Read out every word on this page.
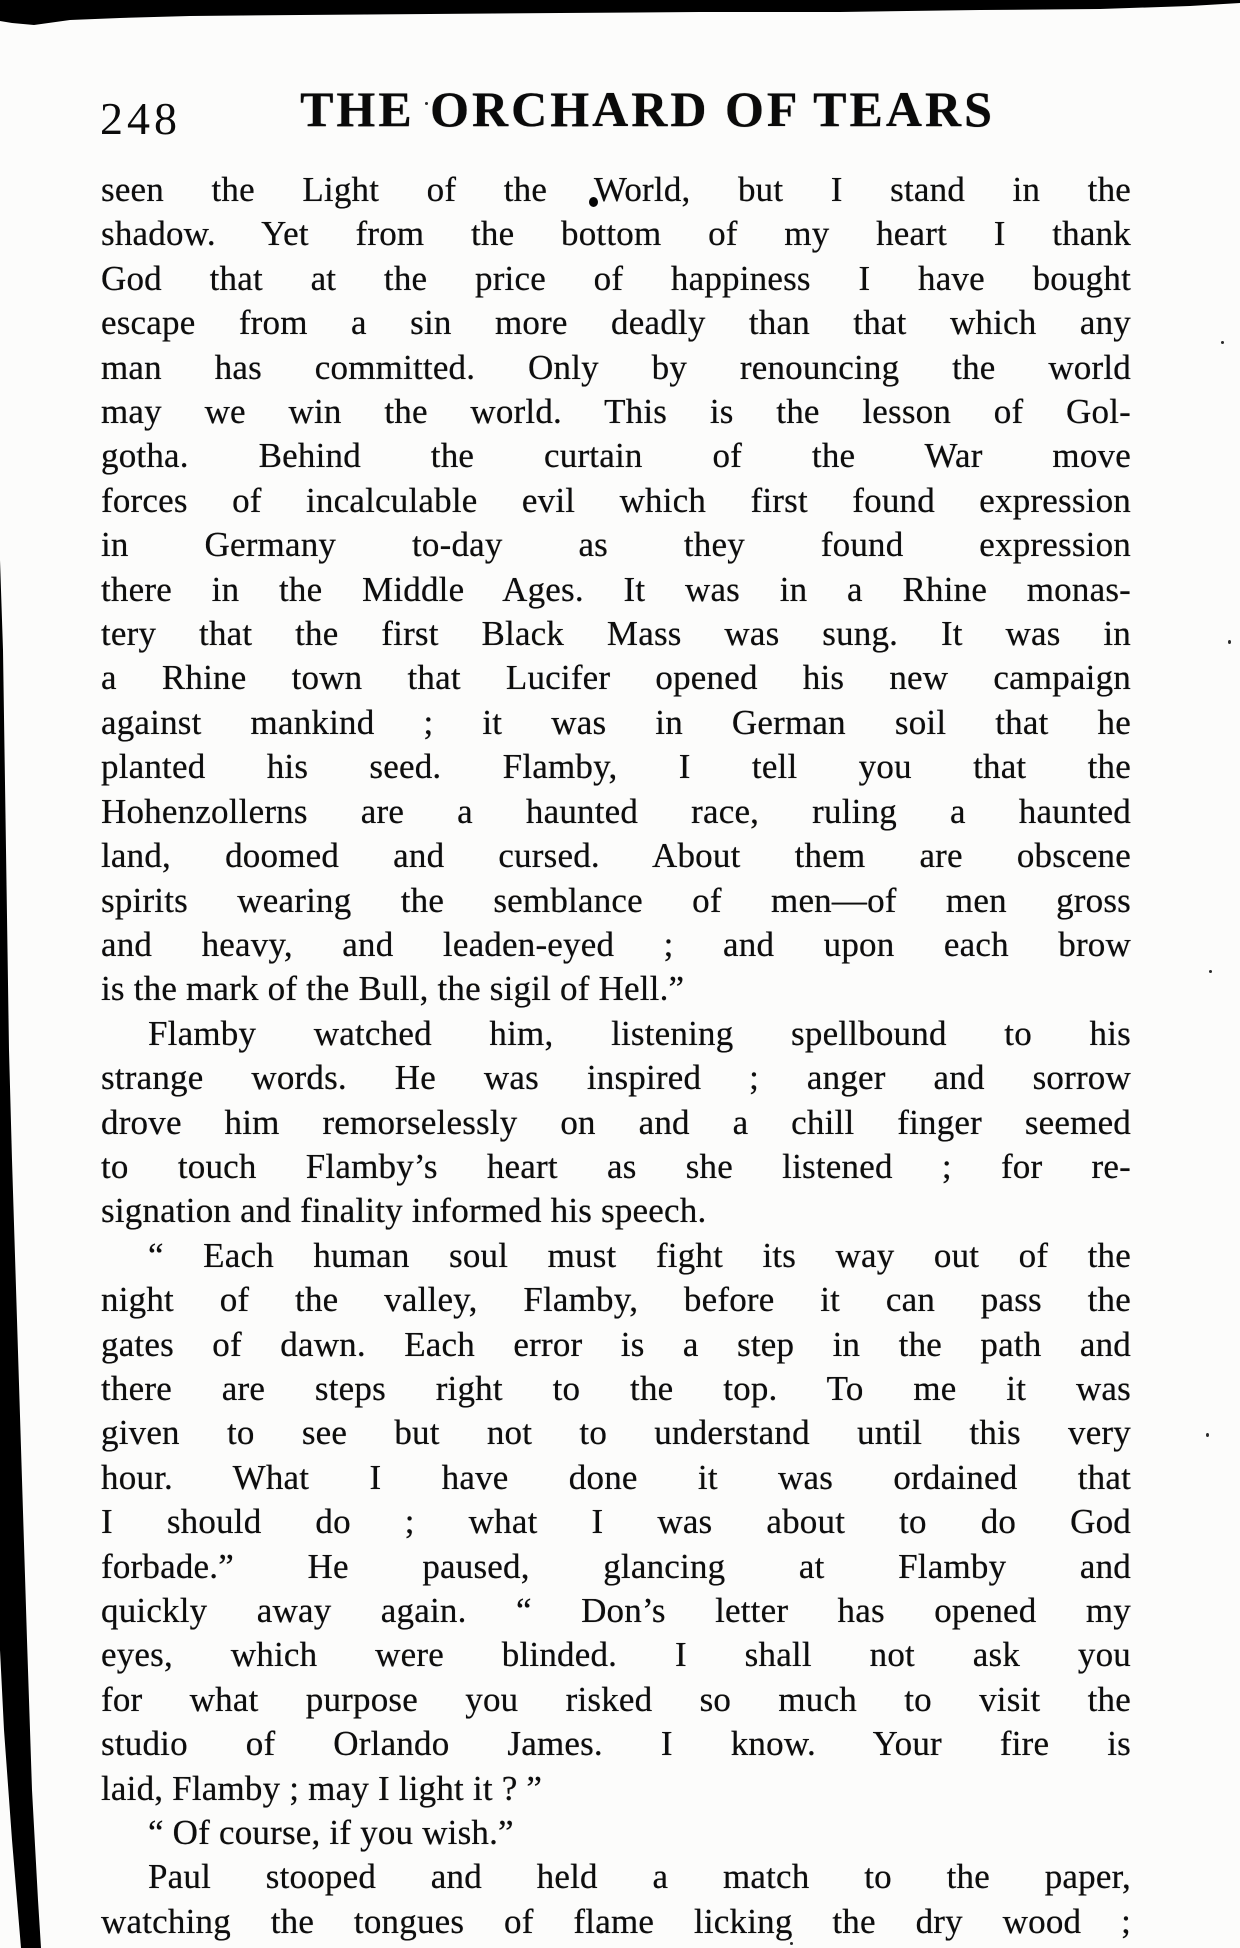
248	THE ORCHARD OF TEARS
seen the Light of the World, but I stand in the
shadow. Yet from the bottom of my heart I thank
God that at the price of happiness I have bought
escape from a sin more deadly than that which any
man has committed. Only by renouncing the world
may we win the world. This is the lesson of Gol-
gotha. Behind the curtain of the War move
forces of incalculable evil which first found expression
in Germany to-day as they found expression
there in the Middle Ages. It was in a Rhine monas-
tery that the first Black Mass was sung. It was in
a Rhine town that Lucifer opened his new campaign
against mankind ; it was in German soil that he
planted his seed. Flamby, I tell you that the
Hohenzollerns are a haunted race, ruling a haunted
land, doomed and cursed. About them are obscene
spirits wearing the semblance of men—of men gross
and heavy, and leaden-eyed ; and upon each brow
is the mark of the Bull, the sigil of Hell.”
Flamby watched him, listening spellbound to his
strange words. He was inspired ; anger and sorrow
drove him remorselessly on and a chill finger seemed
to touch Flamby’s heart as she listened ; for re-
signation and finality informed his speech.
“ Each human soul must fight its way out of the
night of the valley, Flamby, before it can pass the
gates of dawn. Each error is a step in the path and
there are steps right to the top. To me it was
given to see but not to understand until this very
hour. What I have done it was ordained that
I should do ; what I was about to do God
forbade.” He paused, glancing at Flamby and
quickly away again. “ Don’s letter has opened my
eyes, which were blinded. I shall not ask you
for what purpose you risked so much to visit the
studio of Orlando James. I know. Your fire is
laid, Flamby ; may I light it ? ”
“ Of course, if you wish.”
Paul stooped and held a match to the paper,
watching the tongues of flame licking the dry wood ;
